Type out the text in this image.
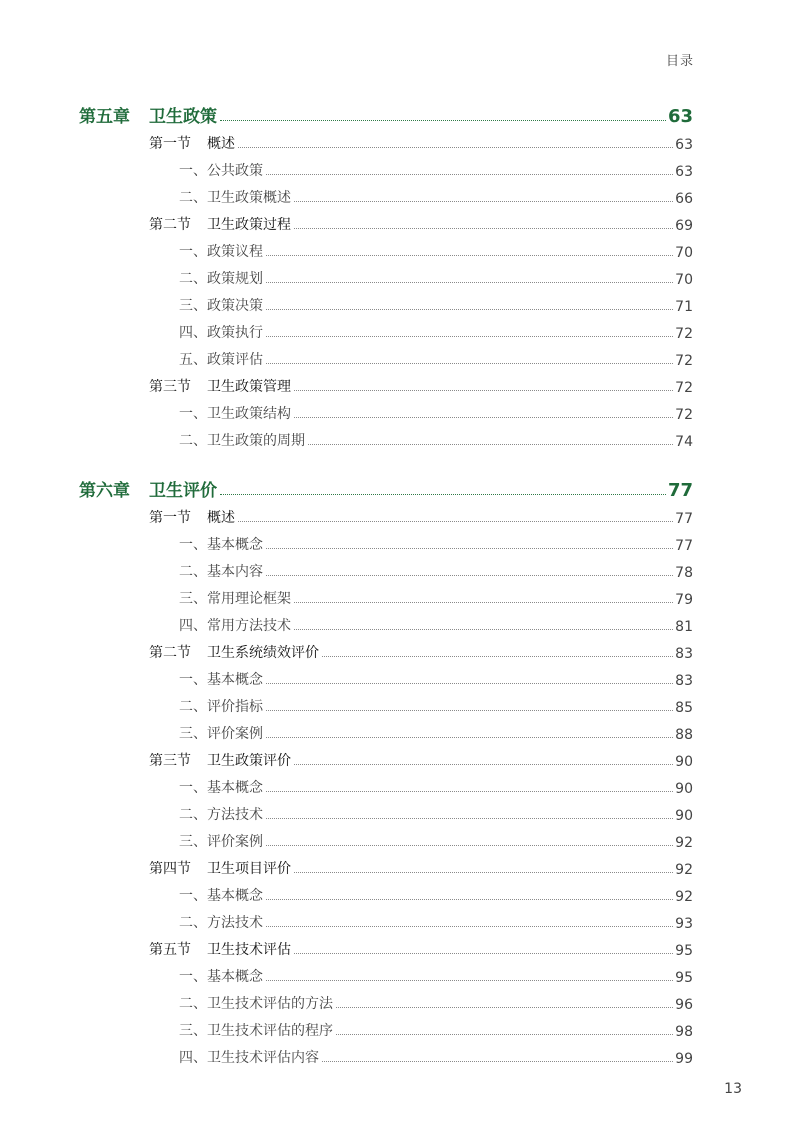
目录
第五章 卫生政策	63
第一节 概述	63
一、公共政策	63
二、卫生政策概述	66
第二节 卫生政策过程	69
一、政策议程	70
二、政策规划	70
三、政策决策	71
四、政策执行	72
五、政策评估	72
第三节 卫生政策管理	72
一、卫生政策结构	72
二、卫生政策的周期	74
第六章 卫生评价	77
第一节 概述	77
一、基本概念	77
二、基本内容	78
三、常用理论框架	79
四、常用方法技术	81
第二节 卫生系统绩效评价	83
一、基本概念	83
二、评价指标	85
三、评价案例	88
第三节 卫生政策评价	90
一、基本概念	90
二、方法技术	90
三、评价案例	92
第四节 卫生项目评价	92
一、基本概念	92
二、方法技术	93
第五节 卫生技术评估	95
一、基本概念	95
二、卫生技术评估的方法	96
三、卫生技术评估的程序	98
四、卫生技术评估内容	99
13
